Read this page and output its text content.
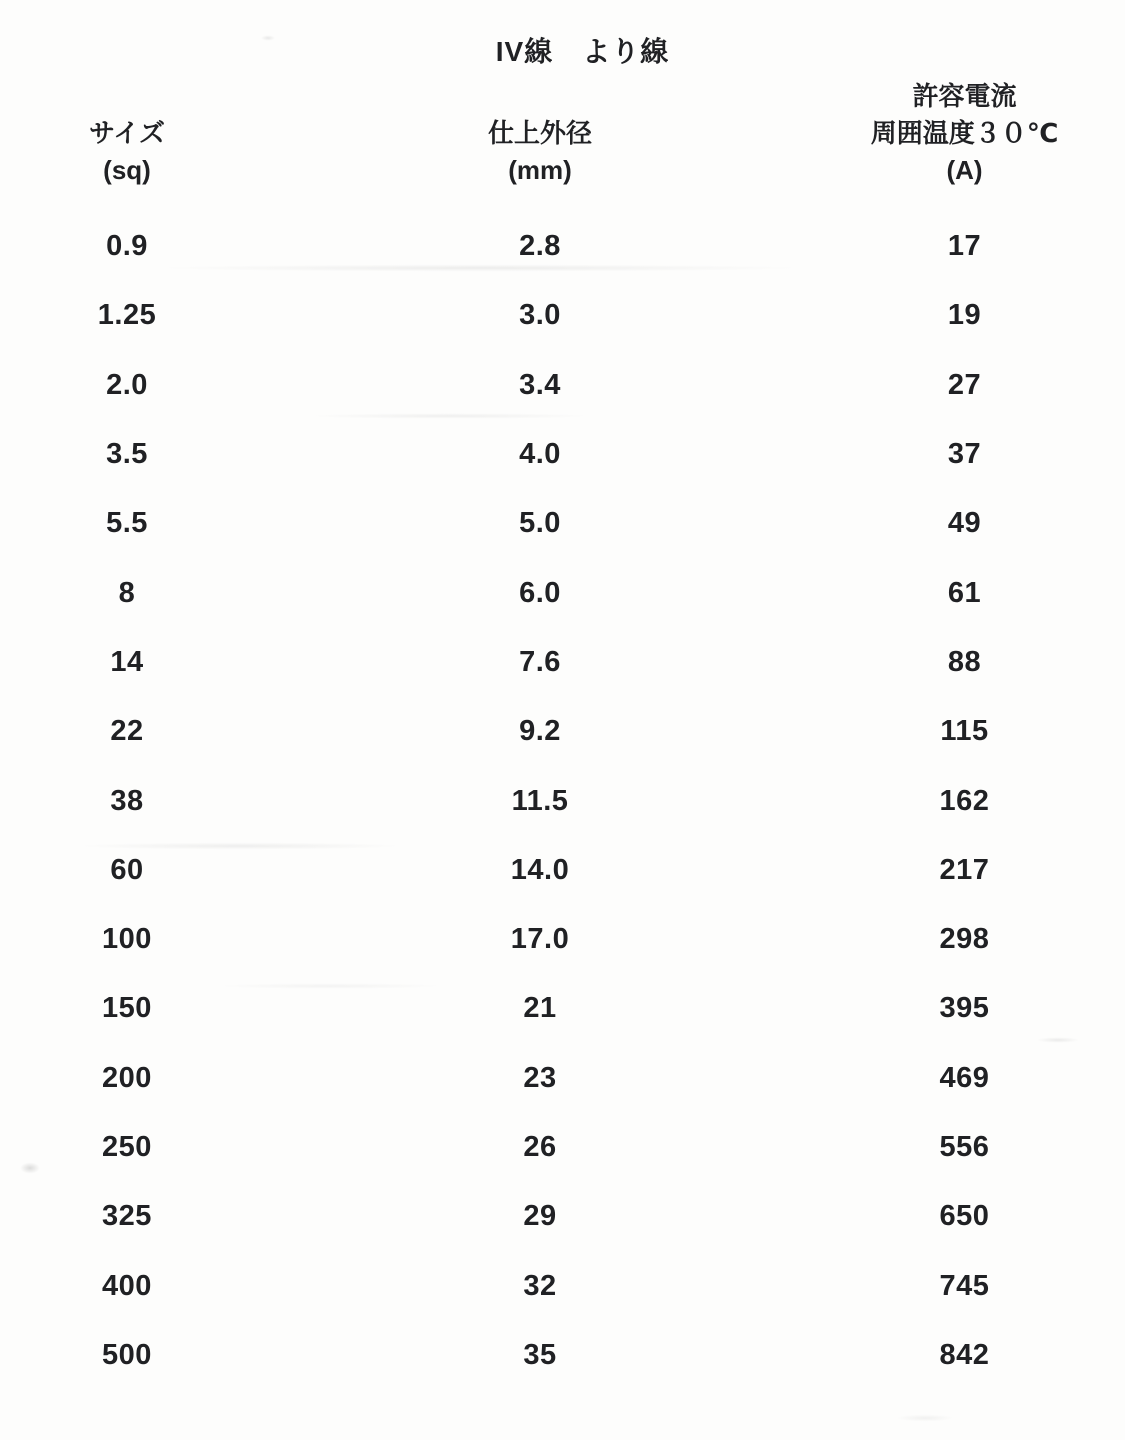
IV線　より線
サイズ
(sq)
仕上外径
(mm)
許容電流
周囲温度３０℃
(A)
0.9	2.8	17
1.25	3.0	19
2.0	3.4	27
3.5	4.0	37
5.5	5.0	49
8	6.0	61
14	7.6	88
22	9.2	115
38	11.5	162
60	14.0	217
100	17.0	298
150	21	395
200	23	469
250	26	556
325	29	650
400	32	745
500	35	842
